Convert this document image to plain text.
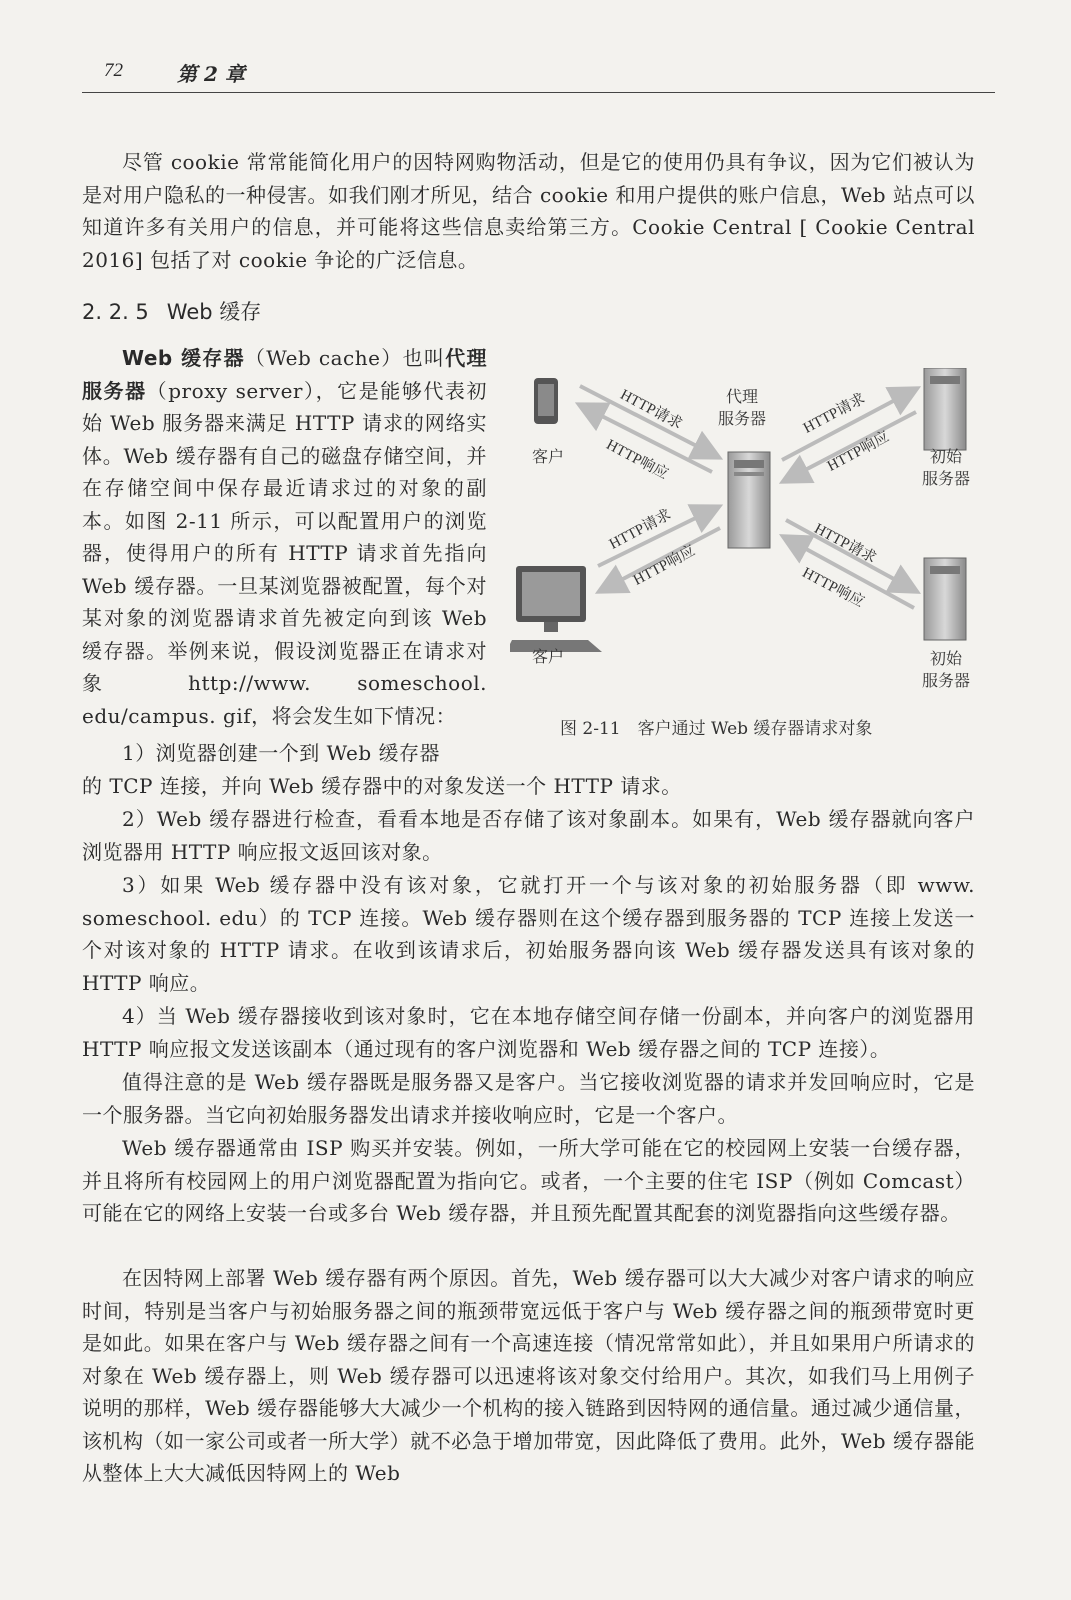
72	第 2 章

尽管 cookie 常常能简化用户的因特网购物活动，但是它的使用仍具有争议，因为它们被认为是对用户隐私的一种侵害。如我们刚才所见，结合 cookie 和用户提供的账户信息，Web 站点可以知道许多有关用户的信息，并可能将这些信息卖给第三方。Cookie Central [ Cookie Central 2016] 包括了对 cookie 争论的广泛信息。

2. 2. 5 Web 缓存

Web 缓存器（Web cache）也叫代理服务器（proxy server），它是能够代表初始 Web 服务器来满足 HTTP 请求的网络实体。Web 缓存器有自己的磁盘存储空间，并在存储空间中保存最近请求过的对象的副本。如图 2-11 所示，可以配置用户的浏览器，使得用户的所有 HTTP 请求首先指向 Web 缓存器。一旦某浏览器被配置，每个对某对象的浏览器请求首先被定向到该 Web 缓存器。举例来说，假设浏览器正在请求对象 http://www. someschool. edu/campus. gif，将会发生如下情况：

1）浏览器创建一个到 Web 缓存器

的 TCP 连接，并向 Web 缓存器中的对象发送一个 HTTP 请求。

2）Web 缓存器进行检查，看看本地是否存储了该对象副本。如果有，Web 缓存器就向客户浏览器用 HTTP 响应报文返回该对象。

3）如果 Web 缓存器中没有该对象，它就打开一个与该对象的初始服务器（即 www. someschool. edu）的 TCP 连接。Web 缓存器则在这个缓存器到服务器的 TCP 连接上发送一个对该对象的 HTTP 请求。在收到该请求后，初始服务器向该 Web 缓存器发送具有该对象的 HTTP 响应。

4）当 Web 缓存器接收到该对象时，它在本地存储空间存储一份副本，并向客户的浏览器用 HTTP 响应报文发送该副本（通过现有的客户浏览器和 Web 缓存器之间的 TCP 连接）。

值得注意的是 Web 缓存器既是服务器又是客户。当它接收浏览器的请求并发回响应时，它是一个服务器。当它向初始服务器发出请求并接收响应时，它是一个客户。

Web 缓存器通常由 ISP 购买并安装。例如，一所大学可能在它的校园网上安装一台缓存器，并且将所有校园网上的用户浏览器配置为指向它。或者，一个主要的住宅 ISP（例如 Comcast）可能在它的网络上安装一台或多台 Web 缓存器，并且预先配置其配套的浏览器指向这些缓存器。

在因特网上部署 Web 缓存器有两个原因。首先，Web 缓存器可以大大减少对客户请求的响应时间，特别是当客户与初始服务器之间的瓶颈带宽远低于客户与 Web 缓存器之间的瓶颈带宽时更是如此。如果在客户与 Web 缓存器之间有一个高速连接（情况常常如此），并且如果用户所请求的对象在 Web 缓存器上，则 Web 缓存器可以迅速将该对象交付给用户。其次，如我们马上用例子说明的那样，Web 缓存器能够大大减少一个机构的接入链路到因特网的通信量。通过减少通信量，该机构（如一家公司或者一所大学）就不必急于增加带宽，因此降低了费用。此外，Web 缓存器能从整体上大大减低因特网上的 Web

客户
客户
代理
服务器
初始
服务器
初始
服务器
HTTP请求
HTTP响应
HTTP请求
HTTP响应
HTTP请求
HTTP响应	HTTP请求
HTTP响应
图 2-11　客户通过 Web 缓存器请求对象
